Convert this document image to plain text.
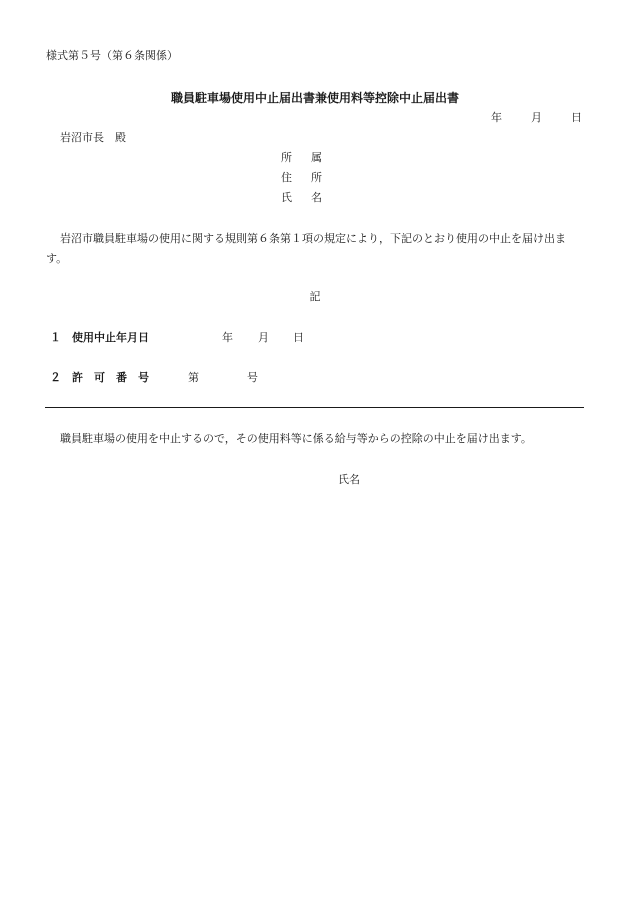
様式第５号（第６条関係）
職員駐車場使用中止届出書兼使用料等控除中止届出書
年	月	日
岩沼市長　殿
所 属
住 所
氏 名
岩沼市職員駐車場の使用に関する規則第６条第１項の規定により，下記のとおり使用の中止を届け出ます。
記
１ 使用中止年月日	年 月 日
２ 許　可　番　号	第	号
職員駐車場の使用を中止するので，その使用料等に係る給与等からの控除の中止を届け出ます。
氏名
